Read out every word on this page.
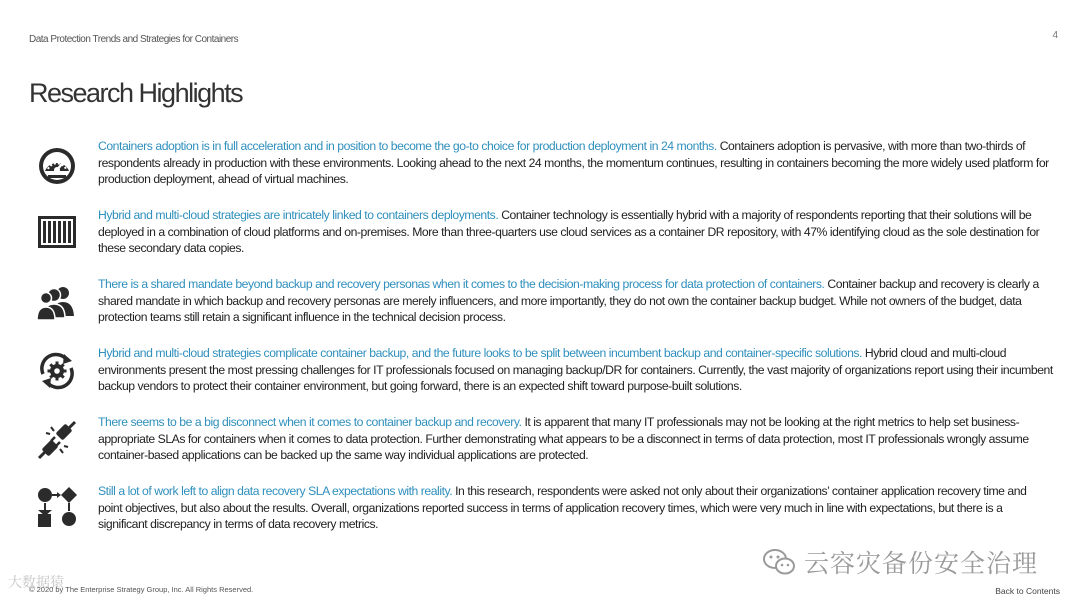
Data Protection Trends and Strategies for Containers	4
Research Highlights
Containers adoption is in full acceleration and in position to become the go-to choice for production deployment in 24 months. Containers adoption is pervasive, with more than two-thirds of respondents already in production with these environments. Looking ahead to the next 24 months, the momentum continues, resulting in containers becoming the more widely used platform for production deployment, ahead of virtual machines.
Hybrid and multi-cloud strategies are intricately linked to containers deployments. Container technology is essentially hybrid with a majority of respondents reporting that their solutions will be deployed in a combination of cloud platforms and on-premises. More than three-quarters use cloud services as a container DR repository, with 47% identifying cloud as the sole destination for these secondary data copies.
There is a shared mandate beyond backup and recovery personas when it comes to the decision-making process for data protection of containers. Container backup and recovery is clearly a shared mandate in which backup and recovery personas are merely influencers, and more importantly, they do not own the container backup budget. While not owners of the budget, data protection teams still retain a significant influence in the technical decision process.
Hybrid and multi-cloud strategies complicate container backup, and the future looks to be split between incumbent backup and container-specific solutions. Hybrid cloud and multi-cloud environments present the most pressing challenges for IT professionals focused on managing backup/DR for containers. Currently, the vast majority of organizations report using their incumbent backup vendors to protect their container environment, but going forward, there is an expected shift toward purpose-built solutions.
There seems to be a big disconnect when it comes to container backup and recovery. It is apparent that many IT professionals may not be looking at the right metrics to help set business-appropriate SLAs for containers when it comes to data protection. Further demonstrating what appears to be a disconnect in terms of data protection, most IT professionals wrongly assume container-based applications can be backed up the same way individual applications are protected.
Still a lot of work left to align data recovery SLA expectations with reality. In this research, respondents were asked not only about their organizations’ container application recovery time and point objectives, but also about the results. Overall, organizations reported success in terms of application recovery times, which were very much in line with expectations, but there is a significant discrepancy in terms of data recovery metrics.
云容灾备份安全治理
大数据猿
© 2020 by The Enterprise Strategy Group, Inc. All Rights Reserved.	Back to Contents
